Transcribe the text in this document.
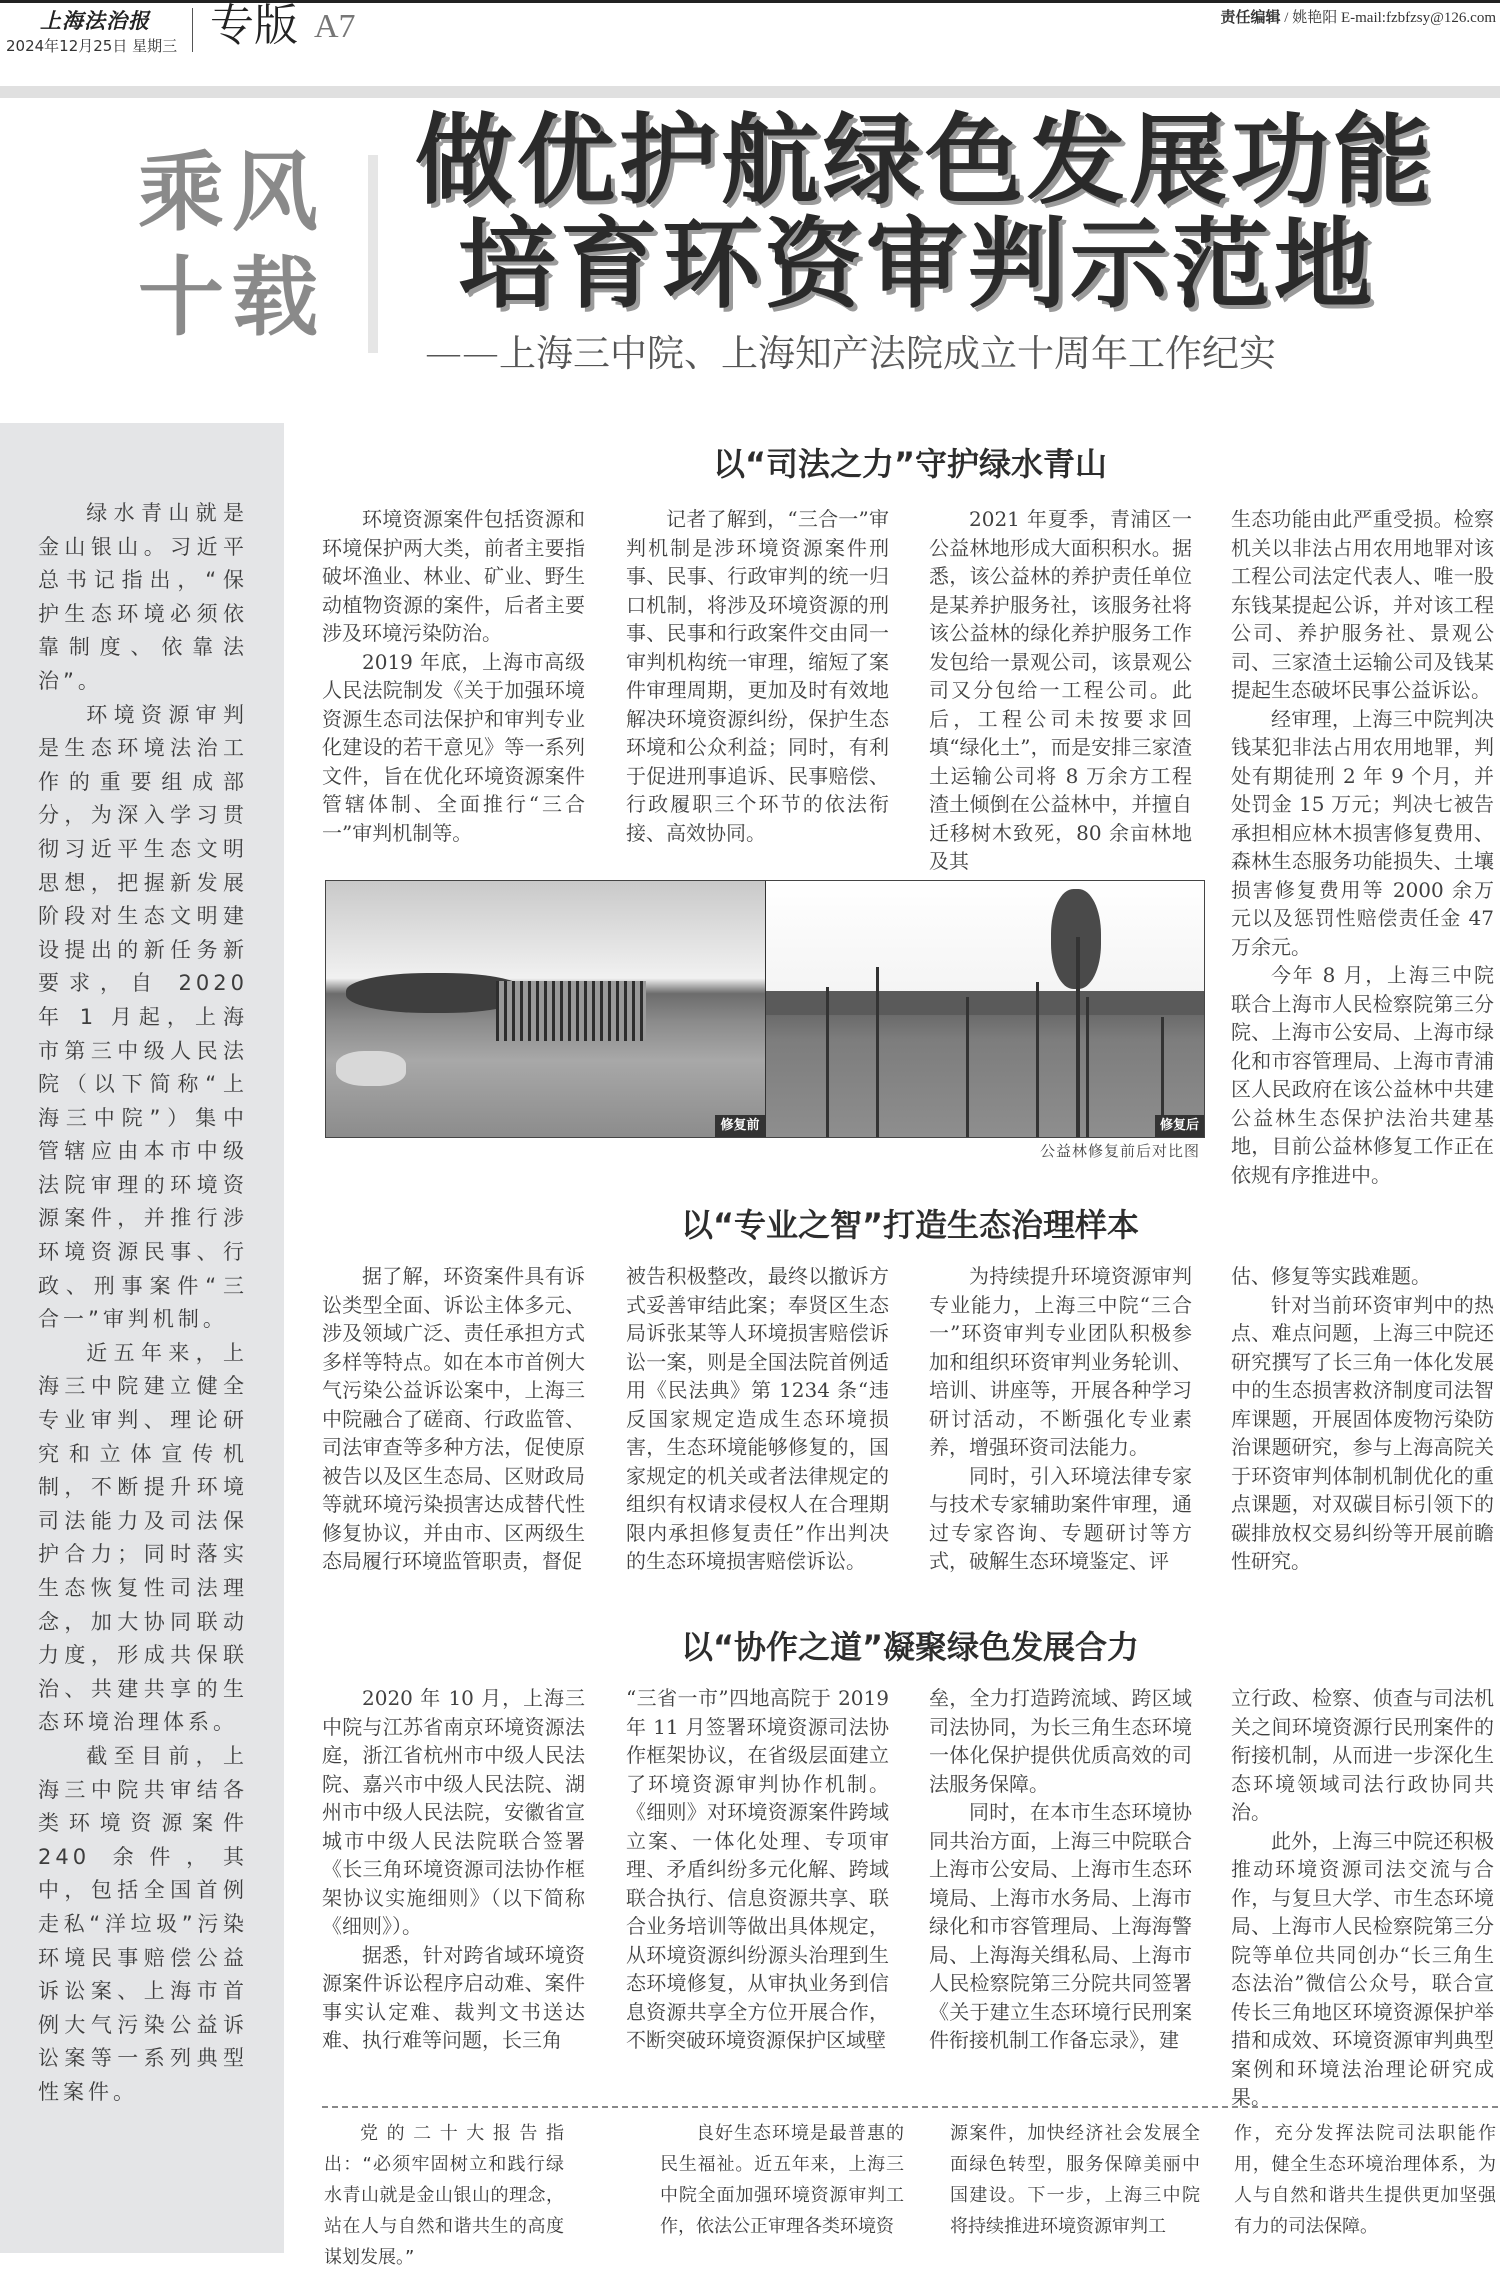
上海法治报
2024年12月25日 星期三 专版 A7	责任编辑 / 姚艳阳 E-mail:fzbfzsy@126.com
乘风十载
做优护航绿色发展功能
培育环资审判示范地
——上海三中院、上海知产法院成立十周年工作纪实

绿水青山就是金山银山。习近平总书记指出，“保护生态环境必须依靠制度、依靠法治”。

环境资源审判是生态环境法治工作的重要组成部分，为深入学习贯彻习近平生态文明思想，把握新发展阶段对生态文明建设提出的新任务新要求，自 2020 年 1 月起，上海市第三中级人民法院（以下简称“上海三中院”）集中管辖应由本市中级法院审理的环境资源案件，并推行涉环境资源民事、行政、刑事案件“三合一”审判机制。

近五年来，上海三中院建立健全专业审判、理论研究和立体宣传机制，不断提升环境司法能力及司法保护合力；同时落实生态恢复性司法理念，加大协同联动力度，形成共保联治、共建共享的生态环境治理体系。

截至目前，上海三中院共审结各类环境资源案件 240 余件，其中，包括全国首例走私“洋垃圾”污染环境民事赔偿公益诉讼案、上海市首例大气污染公益诉讼案等一系列典型性案件。

以“司法之力”守护绿水青山

环境资源案件包括资源和环境保护两大类，前者主要指破坏渔业、林业、矿业、野生动植物资源的案件，后者主要涉及环境污染防治。

2019 年底，上海市高级人民法院制发《关于加强环境资源生态司法保护和审判专业化建设的若干意见》等一系列文件，旨在优化环境资源案件管辖体制、全面推行“三合一”审判机制等。

记者了解到，“三合一”审判机制是涉环境资源案件刑事、民事、行政审判的统一归口机制，将涉及环境资源的刑事、民事和行政案件交由同一审判机构统一审理，缩短了案件审理周期，更加及时有效地解决环境资源纠纷，保护生态环境和公众利益；同时，有利于促进刑事追诉、民事赔偿、行政履职三个环节的依法衔接、高效协同。

2021 年夏季，青浦区一公益林地形成大面积积水。据悉，该公益林的养护责任单位是某养护服务社，该服务社将该公益林的绿化养护服务工作发包给一景观公司，该景观公司又分包给一工程公司。此后，工程公司未按要求回填“绿化土”，而是安排三家渣土运输公司将 8 万余方工程渣土倾倒在公益林中，并擅自迁移树木致死，80 余亩林地及其

生态功能由此严重受损。检察机关以非法占用农用地罪对该工程公司法定代表人、唯一股东钱某提起公诉，并对该工程公司、养护服务社、景观公司、三家渣土运输公司及钱某提起生态破坏民事公益诉讼。

经审理，上海三中院判决钱某犯非法占用农用地罪，判处有期徒刑 2 年 9 个月，并处罚金 15 万元；判决七被告承担相应林木损害修复费用、森林生态服务功能损失、土壤损害修复费用等 2000 余万元以及惩罚性赔偿责任金 47 万余元。

今年 8 月，上海三中院联合上海市人民检察院第三分院、上海市公安局、上海市绿化和市容管理局、上海市青浦区人民政府在该公益林中共建公益林生态保护法治共建基地，目前公益林修复工作正在依规有序推进中。

修复前	修复后
公益林修复前后对比图
以“专业之智”打造生态治理样本

据了解，环资案件具有诉讼类型全面、诉讼主体多元、涉及领域广泛、责任承担方式多样等特点。如在本市首例大气污染公益诉讼案中，上海三中院融合了磋商、行政监管、司法审查等多种方法，促使原被告以及区生态局、区财政局等就环境污染损害达成替代性修复协议，并由市、区两级生态局履行环境监管职责，督促

被告积极整改，最终以撤诉方式妥善审结此案；奉贤区生态局诉张某等人环境损害赔偿诉讼一案，则是全国法院首例适用《民法典》第 1234 条“违反国家规定造成生态环境损害，生态环境能够修复的，国家规定的机关或者法律规定的组织有权请求侵权人在合理期限内承担修复责任”作出判决的生态环境损害赔偿诉讼。

为持续提升环境资源审判专业能力，上海三中院“三合一”环资审判专业团队积极参加和组织环资审判业务轮训、培训、讲座等，开展各种学习研讨活动，不断强化专业素养，增强环资司法能力。

同时，引入环境法律专家与技术专家辅助案件审理，通过专家咨询、专题研讨等方式，破解生态环境鉴定、评

估、修复等实践难题。

针对当前环资审判中的热点、难点问题，上海三中院还研究撰写了长三角一体化发展中的生态损害救济制度司法智库课题，开展固体废物污染防治课题研究，参与上海高院关于环资审判体制机制优化的重点课题，对双碳目标引领下的碳排放权交易纠纷等开展前瞻性研究。

以“协作之道”凝聚绿色发展合力

2020 年 10 月，上海三中院与江苏省南京环境资源法庭，浙江省杭州市中级人民法院、嘉兴市中级人民法院、湖州市中级人民法院，安徽省宣城市中级人民法院联合签署《长三角环境资源司法协作框架协议实施细则》（以下简称《细则》）。

据悉，针对跨省域环境资源案件诉讼程序启动难、案件事实认定难、裁判文书送达难、执行难等问题，长三角

“三省一市”四地高院于 2019 年 11 月签署环境资源司法协作框架协议，在省级层面建立了环境资源审判协作机制。《细则》对环境资源案件跨域立案、一体化处理、专项审理、矛盾纠纷多元化解、跨域联合执行、信息资源共享、联合业务培训等做出具体规定，从环境资源纠纷源头治理到生态环境修复，从审执业务到信息资源共享全方位开展合作，不断突破环境资源保护区域壁

垒，全力打造跨流域、跨区域司法协同，为长三角生态环境一体化保护提供优质高效的司法服务保障。

同时，在本市生态环境协同共治方面，上海三中院联合上海市公安局、上海市生态环境局、上海市水务局、上海市绿化和市容管理局、上海海警局、上海海关缉私局、上海市人民检察院第三分院共同签署《关于建立生态环境行民刑案件衔接机制工作备忘录》，建

立行政、检察、侦查与司法机关之间环境资源行民刑案件的衔接机制，从而进一步深化生态环境领域司法行政协同共治。

此外，上海三中院还积极推动环境资源司法交流与合作，与复旦大学、市生态环境局、上海市人民检察院第三分院等单位共同创办“长三角生态法治”微信公众号，联合宣传长三角地区环境资源保护举措和成效、环境资源审判典型案例和环境法治理论研究成果。

党的二十大报告指出：“必须牢固树立和践行绿水青山就是金山银山的理念，站在人与自然和谐共生的高度谋划发展。”

良好生态环境是最普惠的民生福祉。近五年来，上海三中院全面加强环境资源审判工作，依法公正审理各类环境资

源案件，加快经济社会发展全面绿色转型，服务保障美丽中国建设。下一步，上海三中院将持续推进环境资源审判工

作，充分发挥法院司法职能作用，健全生态环境治理体系，为人与自然和谐共生提供更加坚强有力的司法保障。
